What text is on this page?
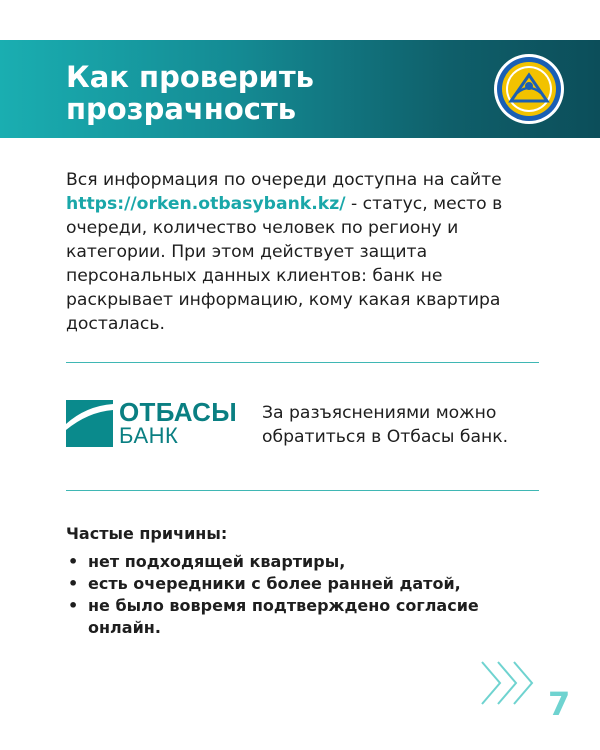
Как проверить
прозрачность
Вся информация по очереди доступна на сайте https://orken.otbasybank.kz/ - статус, место в очереди, количество человек по региону и категории. При этом действует защита персональных данных клиентов: банк не раскрывает информацию, кому какая квартира досталась.
ОТБАСЫ
БАНК
За разъяснениями можно обратиться в Отбасы банк.
Частые причины:
• нет подходящей квартиры,
• есть очередники с более ранней датой,
• не было вовремя подтверждено согласие онлайн.
7
